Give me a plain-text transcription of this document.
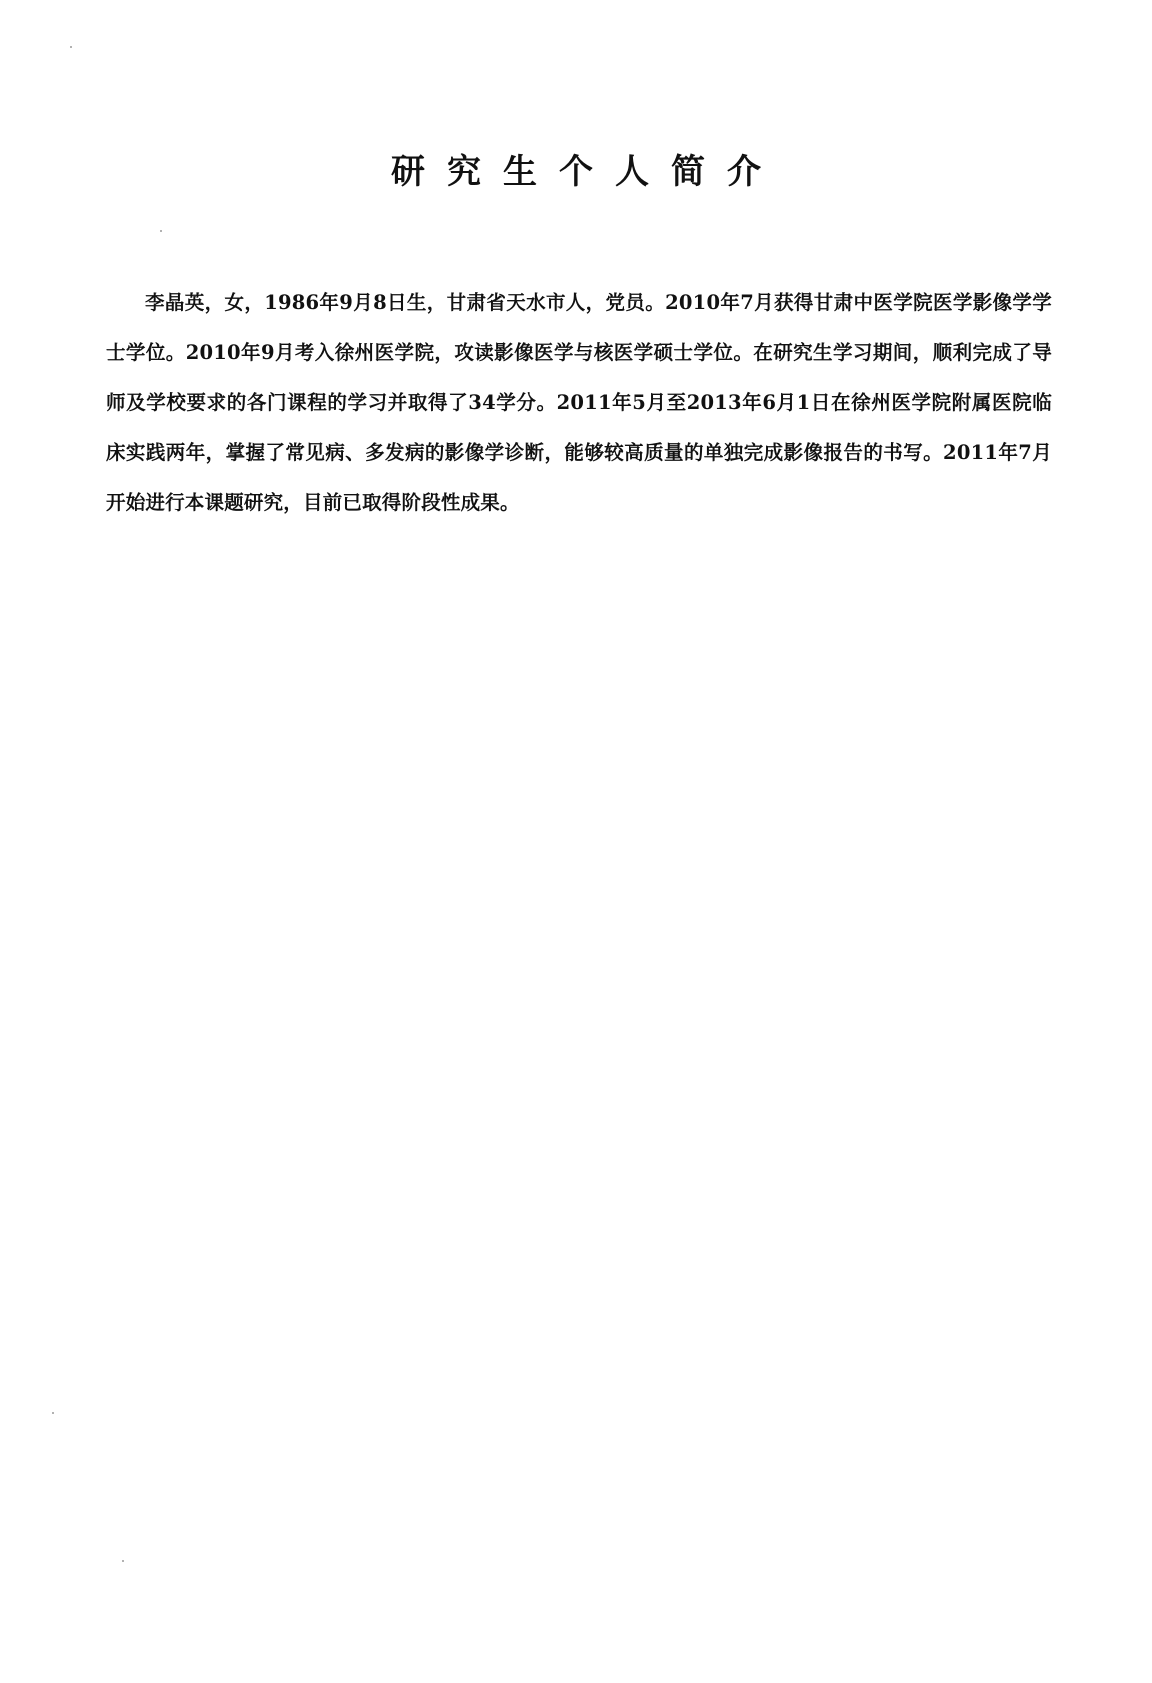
研究生个人简介

李晶英，女，1986年9月8日生，甘肃省天水市人，党员。2010年7月获得甘肃中医学院医学影像学学士学位。2010年9月考入徐州医学院，攻读影像医学与核医学硕士学位。在研究生学习期间，顺利完成了导师及学校要求的各门课程的学习并取得了34学分。2011年5月至2013年6月1日在徐州医学院附属医院临床实践两年，掌握了常见病、多发病的影像学诊断，能够较高质量的单独完成影像报告的书写。2011年7月开始进行本课题研究，目前已取得阶段性成果。
